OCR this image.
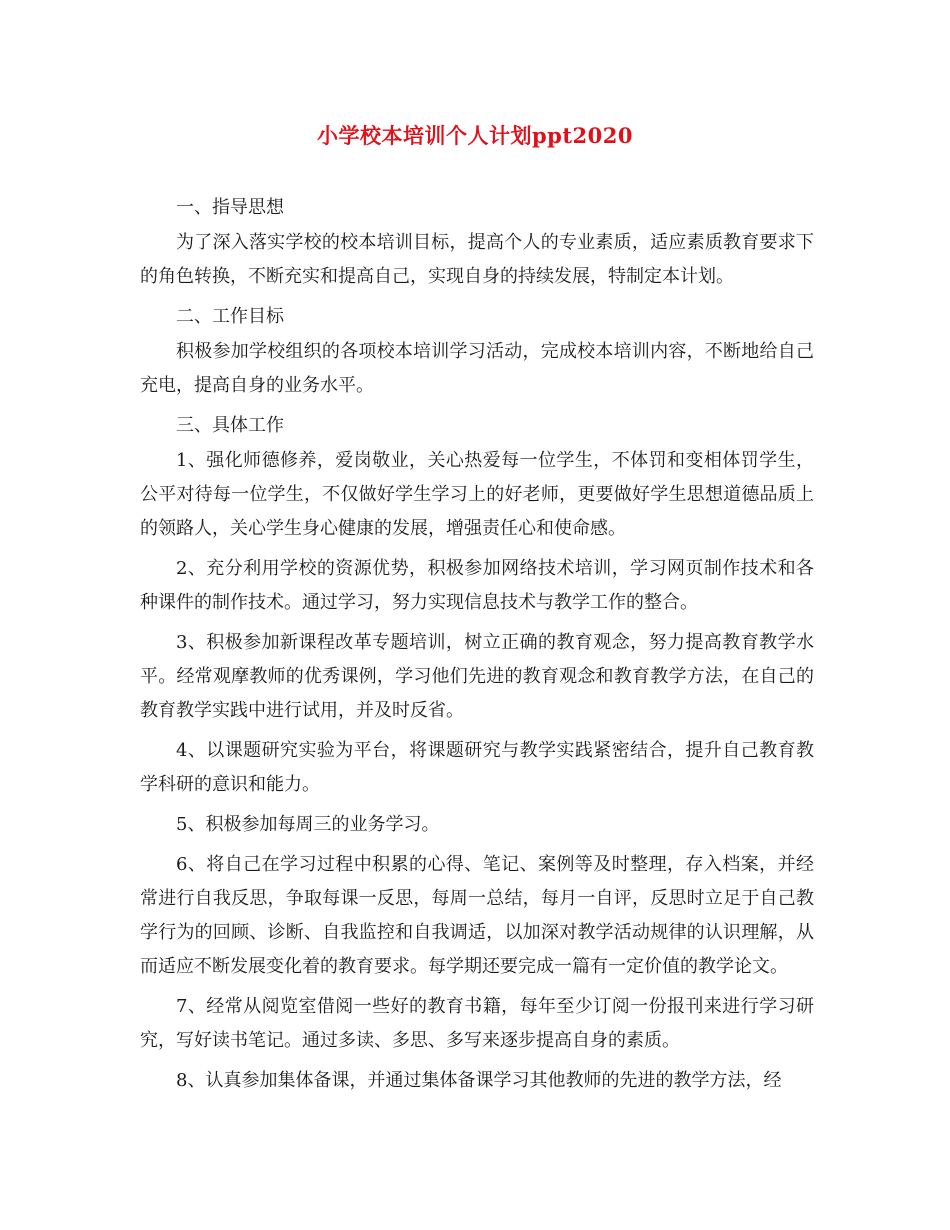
小学校本培训个人计划ppt2020
一、指导思想

为了深入落实学校的校本培训目标，提高个人的专业素质，适应素质教育要求下的角色转换，不断充实和提高自己，实现自身的持续发展，特制定本计划。

二、工作目标

积极参加学校组织的各项校本培训学习活动，完成校本培训内容，不断地给自己充电，提高自身的业务水平。

三、具体工作

1、强化师德修养，爱岗敬业，关心热爱每一位学生，不体罚和变相体罚学生，公平对待每一位学生，不仅做好学生学习上的好老师，更要做好学生思想道德品质上的领路人，关心学生身心健康的发展，增强责任心和使命感。

2、充分利用学校的资源优势，积极参加网络技术培训，学习网页制作技术和各种课件的制作技术。通过学习，努力实现信息技术与教学工作的整合。

3、积极参加新课程改革专题培训，树立正确的教育观念，努力提高教育教学水平。经常观摩教师的优秀课例，学习他们先进的教育观念和教育教学方法，在自己的教育教学实践中进行试用，并及时反省。

4、以课题研究实验为平台，将课题研究与教学实践紧密结合，提升自己教育教学科研的意识和能力。

5、积极参加每周三的业务学习。

6、将自己在学习过程中积累的心得、笔记、案例等及时整理，存入档案，并经常进行自我反思，争取每课一反思，每周一总结，每月一自评，反思时立足于自己教学行为的回顾、诊断、自我监控和自我调适，以加深对教学活动规律的认识理解，从而适应不断发展变化着的教育要求。每学期还要完成一篇有一定价值的教学论文。

7、经常从阅览室借阅一些好的教育书籍，每年至少订阅一份报刊来进行学习研究，写好读书笔记。通过多读、多思、多写来逐步提高自身的素质。

8、认真参加集体备课，并通过集体备课学习其他教师的先进的教学方法，经
